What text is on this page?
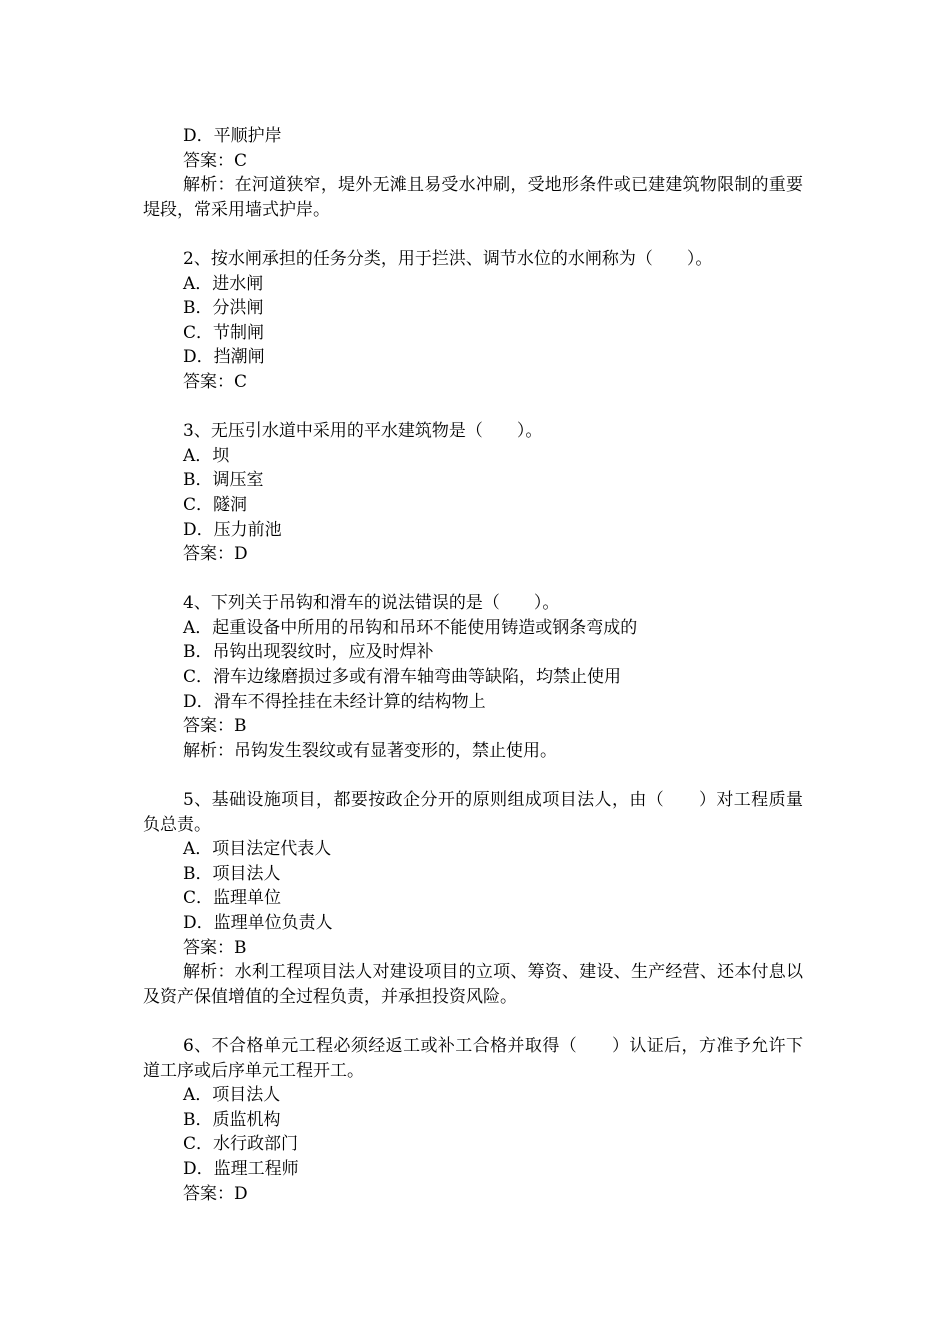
D．平顺护岸
答案：C
解析：在河道狭窄，堤外无滩且易受水冲刷，受地形条件或已建建筑物限制的重要堤段，常采用墙式护岸。
2、按水闸承担的任务分类，用于拦洪、调节水位的水闸称为（　　）。
A．进水闸
B．分洪闸
C．节制闸
D．挡潮闸
答案：C
3、无压引水道中采用的平水建筑物是（　　）。
A．坝
B．调压室
C．隧洞
D．压力前池
答案：D
4、下列关于吊钩和滑车的说法错误的是（　　）。
A．起重设备中所用的吊钩和吊环不能使用铸造或钢条弯成的
B．吊钩出现裂纹时，应及时焊补
C．滑车边缘磨损过多或有滑车轴弯曲等缺陷，均禁止使用
D．滑车不得拴挂在未经计算的结构物上
答案：B
解析：吊钩发生裂纹或有显著变形的，禁止使用。
5、基础设施项目，都要按政企分开的原则组成项目法人，由（　　）对工程质量负总责。
A．项目法定代表人
B．项目法人
C．监理单位
D．监理单位负责人
答案：B
解析：水利工程项目法人对建设项目的立项、筹资、建设、生产经营、还本付息以及资产保值增值的全过程负责，并承担投资风险。
6、不合格单元工程必须经返工或补工合格并取得（　　）认证后，方准予允许下道工序或后序单元工程开工。
A．项目法人
B．质监机构
C．水行政部门
D．监理工程师
答案：D
